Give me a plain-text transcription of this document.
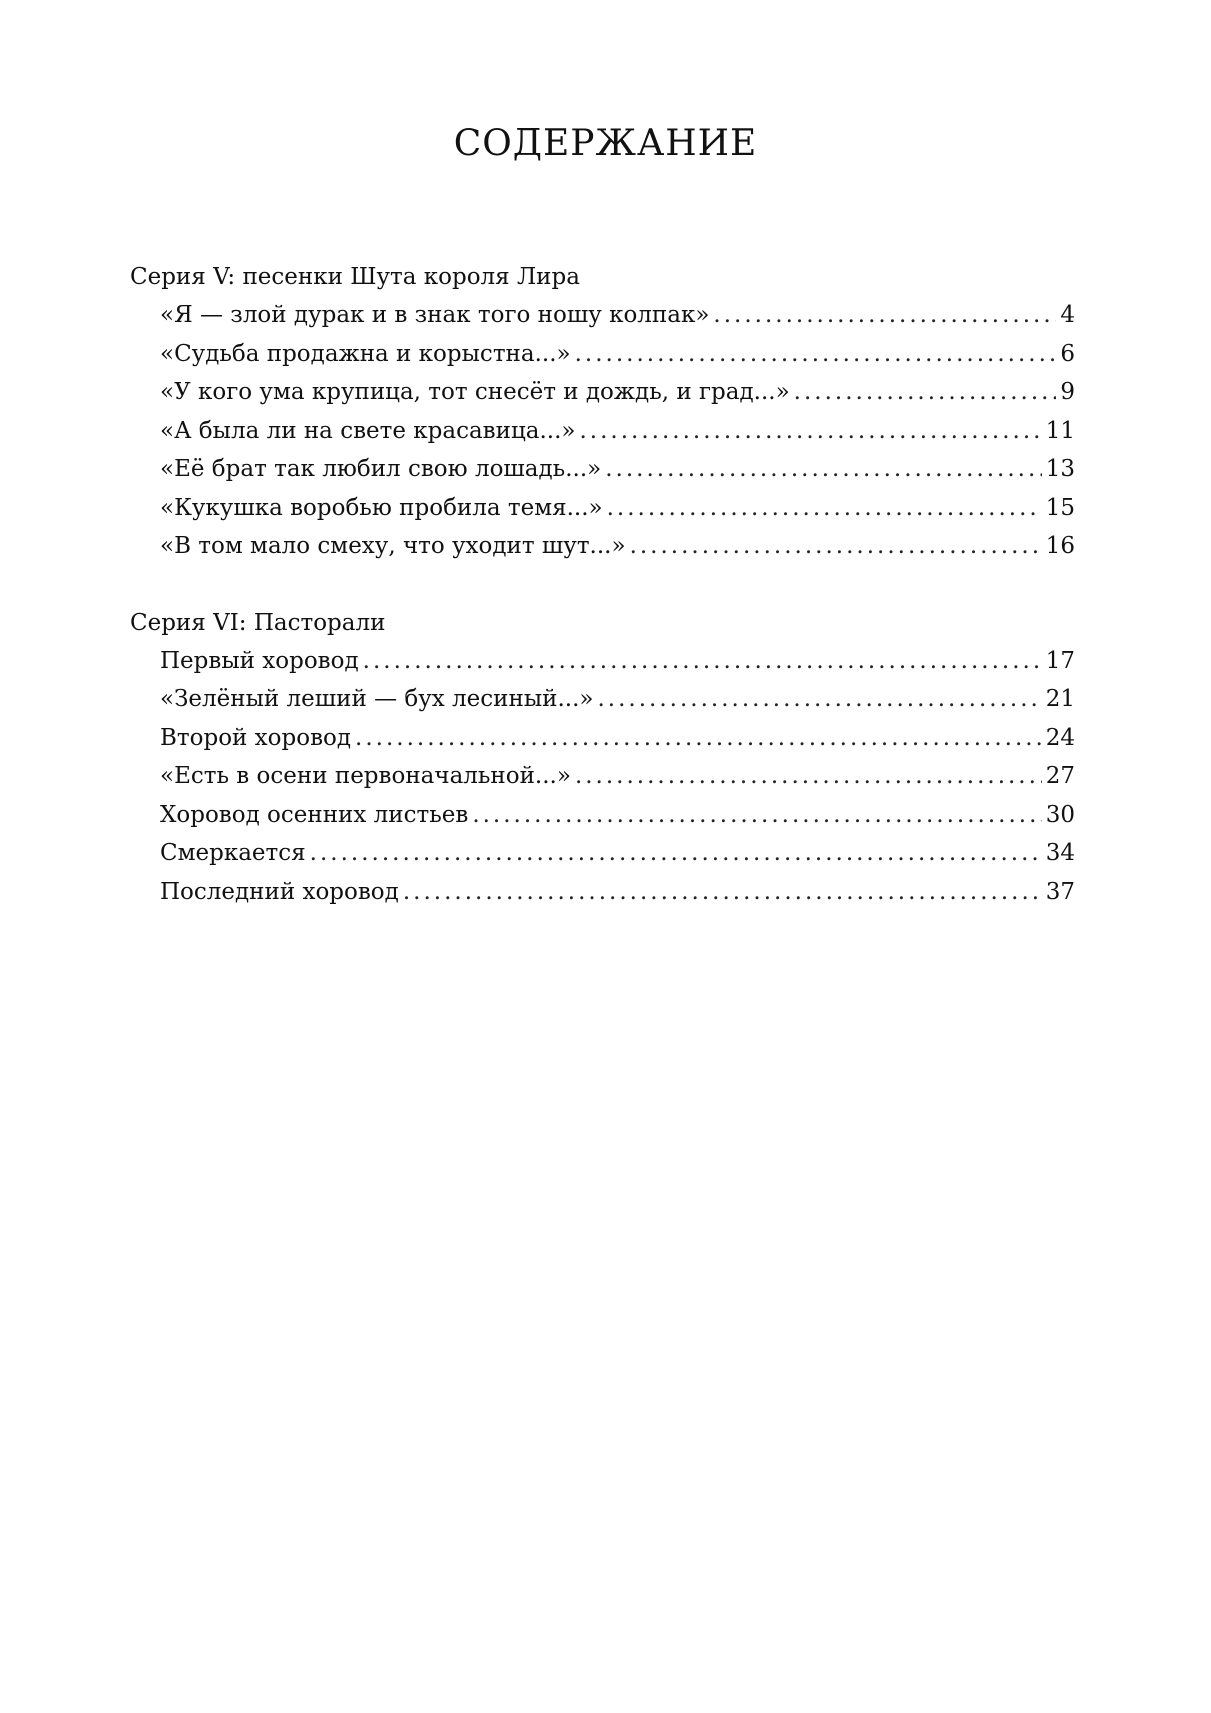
СОДЕРЖАНИЕ
Серия V: песенки Шута короля Лира
«Я — злой дурак и в знак того ношу колпак» .....	4
«Судьба продажна и корыстна...» .....	6
«У кого ума крупица, тот снесёт и дождь, и град...» .....	9
«А была ли на свете красавица...» .....	11
«Её брат так любил свою лошадь...» .....	13
«Кукушка воробью пробила темя...» .....	15
«В том мало смеху, что уходит шут...» .....	16
Серия VI: Пасторали
Первый хоровод .....	17
«Зелёный леший — бух лесиный...» .....	21
Второй хоровод .....	24
«Есть в осени первоначальной...» .....	27
Хоровод осенних листьев .....	30
Смеркается .....	34
Последний хоровод .....	37
